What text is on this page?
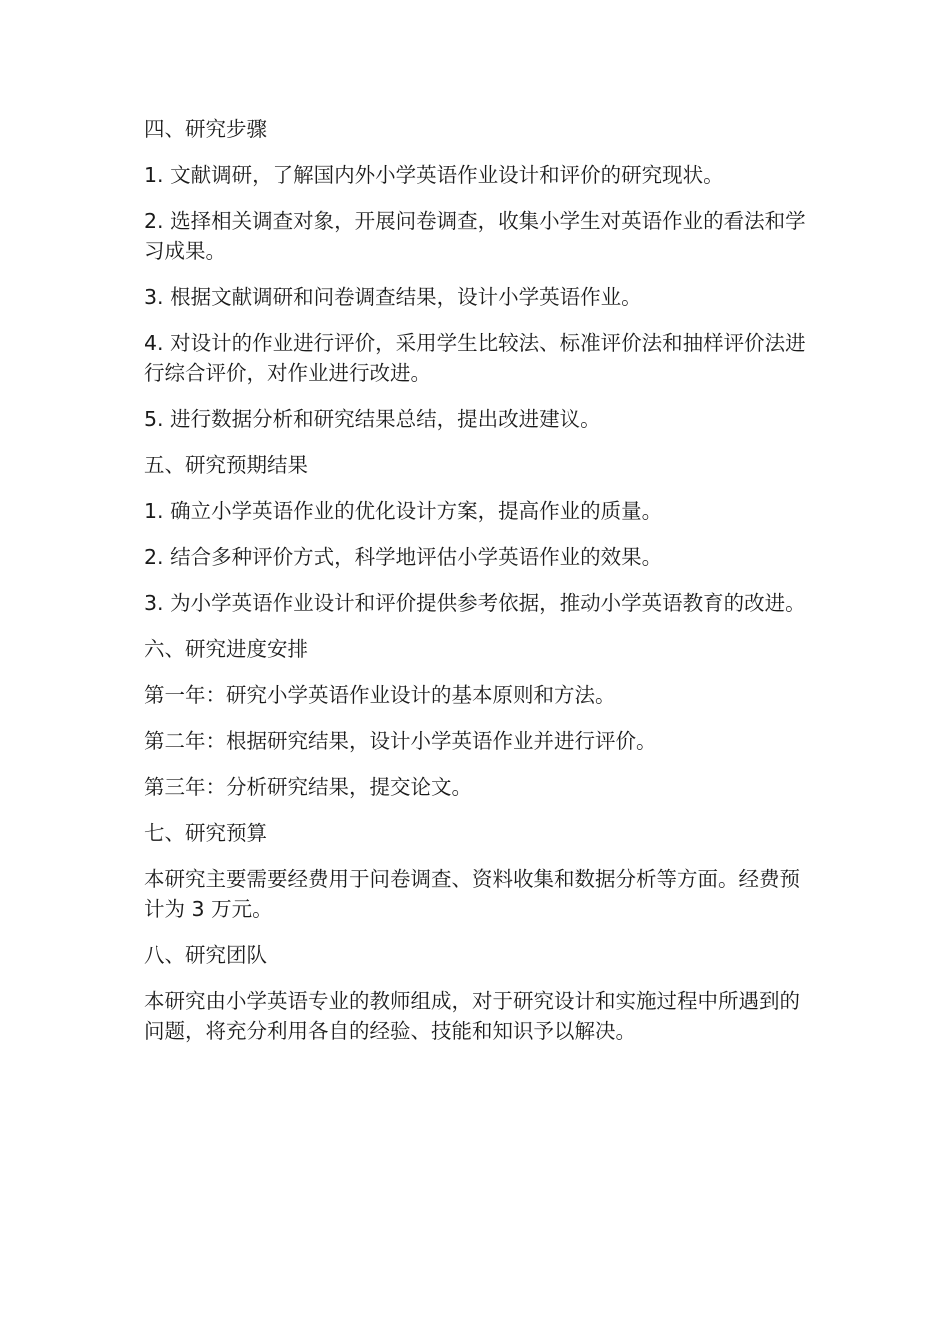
四、研究步骤

1. 文献调研，了解国内外小学英语作业设计和评价的研究现状。

2. 选择相关调查对象，开展问卷调查，收集小学生对英语作业的看法和学习成果。

3. 根据文献调研和问卷调查结果，设计小学英语作业。

4. 对设计的作业进行评价，采用学生比较法、标准评价法和抽样评价法进行综合评价，对作业进行改进。

5. 进行数据分析和研究结果总结，提出改进建议。

五、研究预期结果

1. 确立小学英语作业的优化设计方案，提高作业的质量。

2. 结合多种评价方式，科学地评估小学英语作业的效果。

3. 为小学英语作业设计和评价提供参考依据，推动小学英语教育的改进。

六、研究进度安排

第一年：研究小学英语作业设计的基本原则和方法。

第二年：根据研究结果，设计小学英语作业并进行评价。

第三年：分析研究结果，提交论文。

七、研究预算

本研究主要需要经费用于问卷调查、资料收集和数据分析等方面。经费预计为 3 万元。

八、研究团队

本研究由小学英语专业的教师组成，对于研究设计和实施过程中所遇到的问题，将充分利用各自的经验、技能和知识予以解决。
